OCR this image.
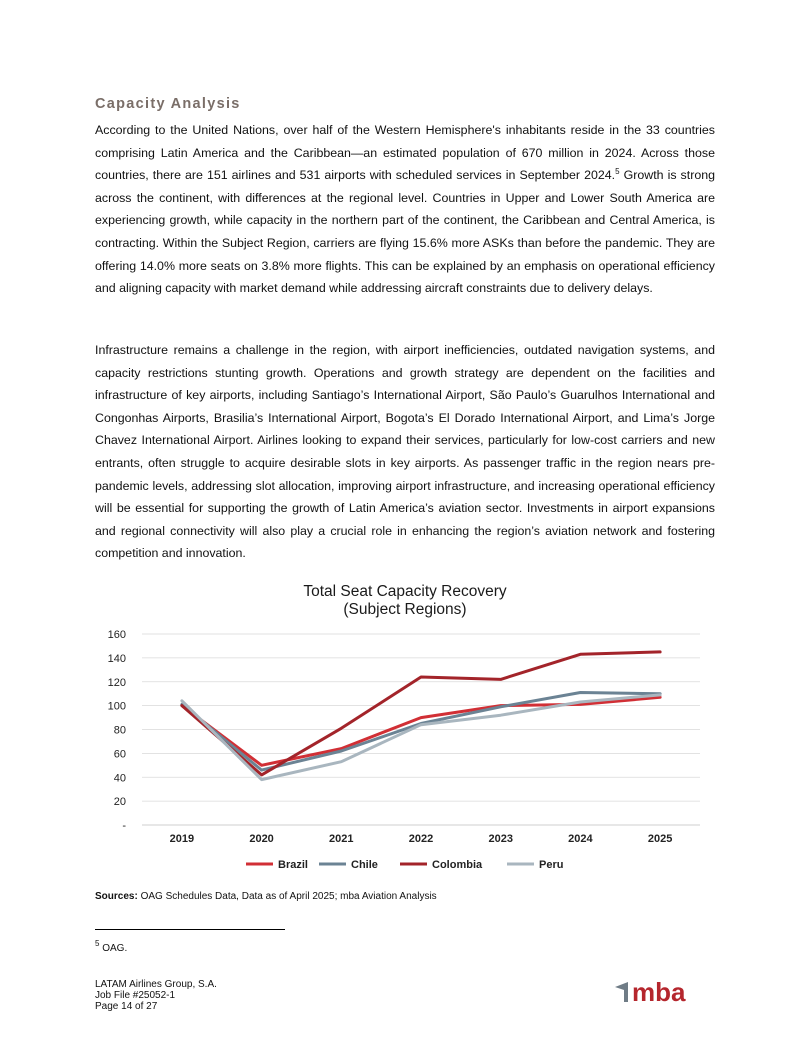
Capacity Analysis

According to the United Nations, over half of the Western Hemisphere's inhabitants reside in the 33 countries comprising Latin America and the Caribbean—an estimated population of 670 million in 2024. Across those countries, there are 151 airlines and 531 airports with scheduled services in September 2024.$^5$ Growth is strong across the continent, with differences at the regional level. Countries in Upper and Lower South America are experiencing growth, while capacity in the northern part of the continent, the Caribbean and Central America, is contracting. Within the Subject Region, carriers are flying 15.6% more ASKs than before the pandemic. They are offering 14.0% more seats on 3.8% more flights. This can be explained by an emphasis on operational efficiency and aligning capacity with market demand while addressing aircraft constraints due to delivery delays.

Infrastructure remains a challenge in the region, with airport inefficiencies, outdated navigation systems, and capacity restrictions stunting growth. Operations and growth strategy are dependent on the facilities and infrastructure of key airports, including Santiago’s International Airport, São Paulo’s Guarulhos International and Congonhas Airports, Brasilia’s International Airport, Bogota’s El Dorado International Airport, and Lima’s Jorge Chavez International Airport. Airlines looking to expand their services, particularly for low-cost carriers and new entrants, often struggle to acquire desirable slots in key airports. As passenger traffic in the region nears pre-pandemic levels, addressing slot allocation, improving airport infrastructure, and increasing operational efficiency will be essential for supporting the growth of Latin America’s aviation sector. Investments in airport expansions and regional connectivity will also play a crucial role in enhancing the region’s aviation network and fostering competition and innovation.

Total Seat Capacity Recovery
(Subject Regions)
-
20
40
60
80
100
120
140
160
2019	2020	2021	2022	2023	2024	2025
Brazil	Chile	Colombia	Peru

Sources: OAG Schedules Data, Data as of April 2025; mba Aviation Analysis

$^5$ OAG.

LATAM Airlines Group, S.A.
Job File #25052-1
Page 14 of 27	mba
